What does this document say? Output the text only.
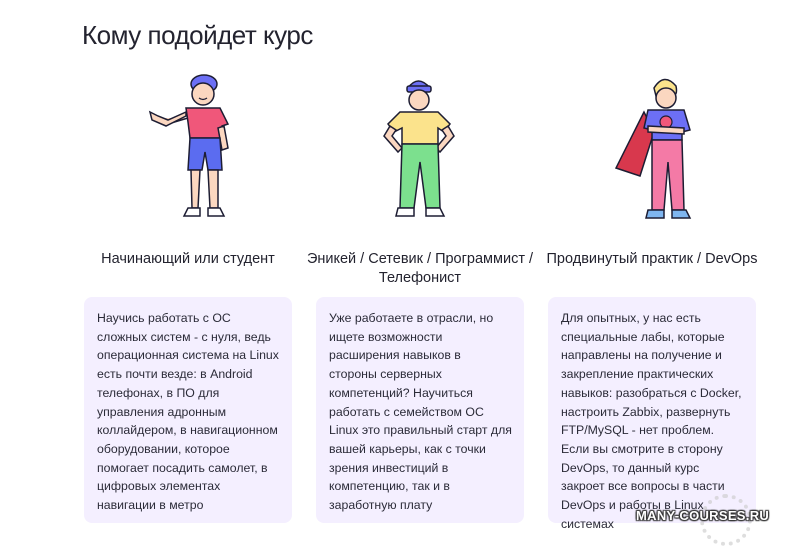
Кому подойдет курс
Начинающий или студент	Эникей / Сетевик / Программист / Телефонист
Продвинутый практик / DevOps
Научись работать с ОС сложных систем - с нуля, ведь операционная система на Linux есть почти везде: в Android телефонах, в ПО для управления адронным коллайдером, в навигационном оборудовании, которое помогает посадить самолет, в цифровых элементах навигации в метро
Уже работаете в отрасли, но ищете возможности расширения навыков в стороны серверных компетенций? Научиться работать с семейством ОС Linux это правильный старт для вашей карьеры, как с точки зрения инвестиций в компетенцию, так и в заработную плату
Для опытных, у нас есть специальные лабы, которые направлены на получение и закрепление практических навыков: разобраться с Docker, настроить Zabbix, развернуть FTP/MySQL - нет проблем. Если вы смотрите в сторону DevOps, то данный курс закроет все вопросы в части DevOps и работы в Linux системах
MANY-COURSES.RU
